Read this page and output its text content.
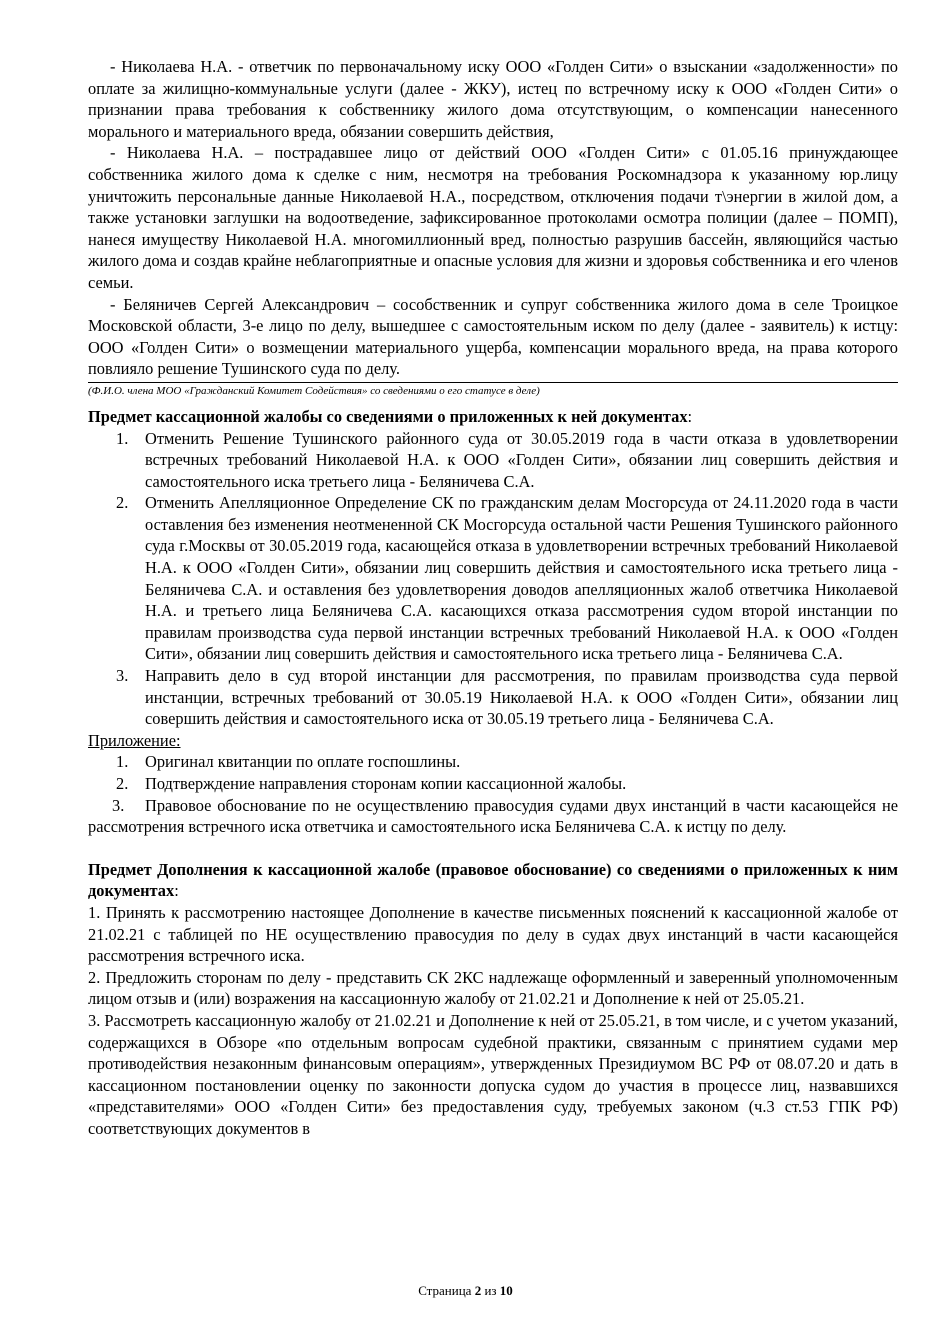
- Николаева Н.А. - ответчик по первоначальному иску ООО «Голден Сити» о взыскании «задолженности» по оплате за жилищно-коммунальные услуги (далее - ЖКУ), истец по встречному иску к ООО «Голден Сити» о признании права требования к собственнику жилого дома отсутствующим, о компенсации нанесенного морального и материального вреда, обязании совершить действия,

- Николаева Н.А. – пострадавшее лицо от действий ООО «Голден Сити» с 01.05.16 принуждающее собственника жилого дома к сделке с ним, несмотря на требования Роскомнадзора к указанному юр.лицу уничтожить персональные данные Николаевой Н.А., посредством, отключения подачи т\энергии в жилой дом, а также установки заглушки на водоотведение, зафиксированное протоколами осмотра полиции (далее – ПОМП), нанеся имуществу Николаевой Н.А. многомиллионный вред, полностью разрушив бассейн, являющийся частью жилого дома и создав крайне неблагоприятные и опасные условия для жизни и здоровья собственника и его членов семьи.

- Беляничев Сергей Александрович – сособственник и супруг собственника жилого дома в селе Троицкое Московской области, 3-е лицо по делу, вышедшее с самостоятельным иском по делу (далее - заявитель) к истцу: ООО «Голден Сити» о возмещении материального ущерба, компенсации морального вреда, на права которого повлияло решение Тушинского суда по делу.

(Ф.И.О. члена МОО «Гражданский Комитет Содействия» со сведениями о его статусе в деле)

Предмет кассационной жалобы со сведениями о приложенных к ней документах:

1. Отменить Решение Тушинского районного суда от 30.05.2019 года в части отказа в удовлетворении встречных требований Николаевой Н.А. к ООО «Голден Сити», обязании лиц совершить действия и самостоятельного иска третьего лица - Беляничева С.А.
2. Отменить Апелляционное Определение СК по гражданским делам Мосгорсуда от 24.11.2020 года в части оставления без изменения неотмененной СК Мосгорсуда остальной части Решения Тушинского районного суда г.Москвы от 30.05.2019 года, касающейся отказа в удовлетворении встречных требований Николаевой Н.А. к ООО «Голден Сити», обязании лиц совершить действия и самостоятельного иска третьего лица - Беляничева С.А. и оставления без удовлетворения доводов апелляционных жалоб ответчика Николаевой Н.А. и третьего лица Беляничева С.А. касающихся отказа рассмотрения судом второй инстанции по правилам производства суда первой инстанции встречных требований Николаевой Н.А. к ООО «Голден Сити», обязании лиц совершить действия и самостоятельного иска третьего лица - Беляничева С.А.
3. Направить дело в суд второй инстанции для рассмотрения, по правилам производства суда первой инстанции, встречных требований от 30.05.19 Николаевой Н.А. к ООО «Голден Сити», обязании лиц совершить действия и самостоятельного иска от 30.05.19 третьего лица - Беляничева С.А.

Приложение:

1. Оригинал квитанции по оплате госпошлины.
2. Подтверждение направления сторонам копии кассационной жалобы.
3. Правовое обоснование по не осуществлению правосудия судами двух инстанций в части касающейся не рассмотрения встречного иска ответчика и самостоятельного иска Беляничева С.А. к истцу по делу.

Предмет Дополнения к кассационной жалобе (правовое обоснование) со сведениями о приложенных к ним документах:

1. Принять к рассмотрению настоящее Дополнение в качестве письменных пояснений к кассационной жалобе от 21.02.21 с таблицей по НЕ осуществлению правосудия по делу в судах двух инстанций в части касающейся рассмотрения встречного иска.

2. Предложить сторонам по делу - представить СК 2КС надлежаще оформленный и заверенный уполномоченным лицом отзыв и (или) возражения на кассационную жалобу от 21.02.21 и Дополнение к ней от 25.05.21.

3. Рассмотреть кассационную жалобу от 21.02.21 и Дополнение к ней от 25.05.21, в том числе, и с учетом указаний, содержащихся в Обзоре «по отдельным вопросам судебной практики, связанным с принятием судами мер противодействия незаконным финансовым операциям», утвержденных Президиумом ВС РФ от 08.07.20 и дать в кассационном постановлении оценку по законности допуска судом до участия в процессе лиц, назвавшихся «представителями» ООО «Голден Сити» без предоставления суду, требуемых законом (ч.3 ст.53 ГПК РФ) соответствующих документов в

Страница 2 из 10
